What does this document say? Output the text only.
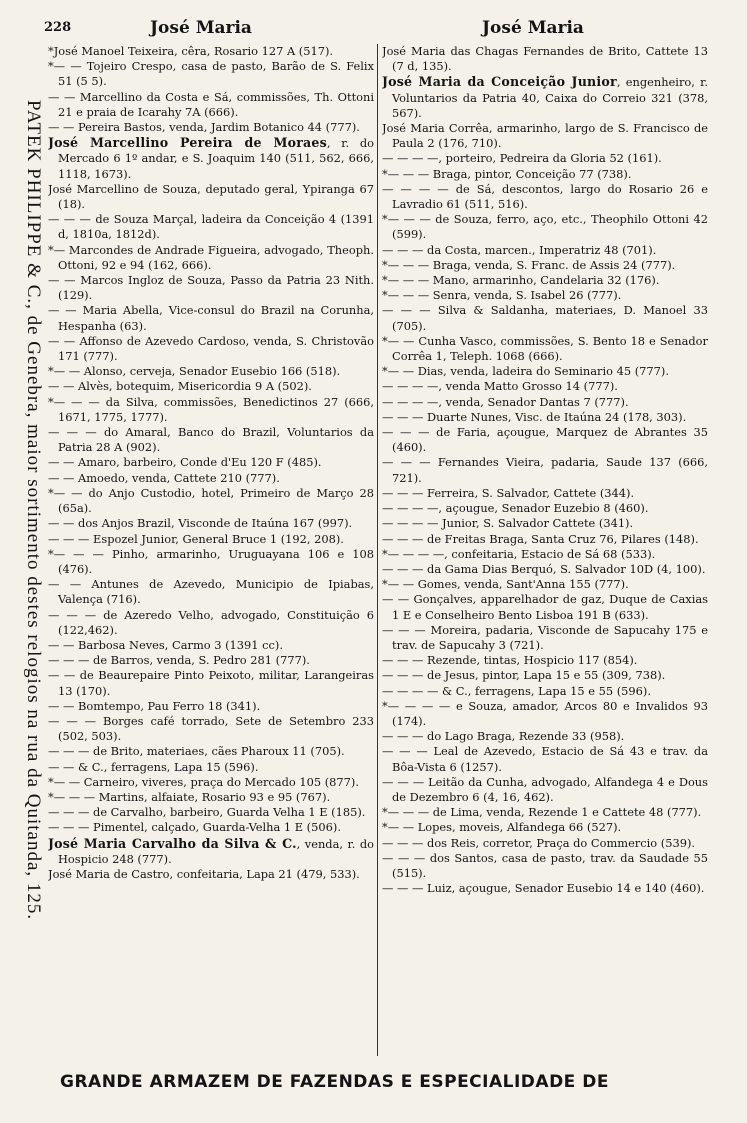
228	José Maria	José Maria
PATEK PHILIPPE & C., de Genebra, maior sortimento destes relogios na rua da Quitanda, 125.

*José Manoel Teixeira, cêra, Rosario 127 A (517).

*— — Tojeiro Crespo, casa de pasto, Barão de S. Felix 51 (5 5).

— — Marcellino da Costa e Sá, commissões, Th. Ottoni 21 e praia de Icarahy 7A (666).

— — Pereira Bastos, venda, Jardim Botanico 44 (777).

José Marcellino Pereira de Moraes, r. do Mercado 6 1º andar, e S. Joaquim 140 (511, 562, 666, 1118, 1673).

José Marcellino de Souza, deputado geral, Ypiranga 67 (18).

— — — de Souza Marçal, ladeira da Conceição 4 (1391 d, 1810a, 1812d).

*— Marcondes de Andrade Figueira, advogado, Theoph. Ottoni, 92 e 94 (162, 666).

— — Marcos Ingloz de Souza, Passo da Patria 23 Nith. (129).

— — Maria Abella, Vice-consul do Brazil na Corunha, Hespanha (63).

— — Affonso de Azevedo Cardoso, venda, S. Christovão 171 (777).

*— — Alonso, cerveja, Senador Eusebio 166 (518).

— — Alvès, botequim, Misericordia 9 A (502).

*— — — da Silva, commissões, Benedictinos 27 (666, 1671, 1775, 1777).

— — — do Amaral, Banco do Brazil, Voluntarios da Patria 28 A (902).

— — Amaro, barbeiro, Conde d'Eu 120 F (485).

— — Amoedo, venda, Cattete 210 (777).

*— — do Anjo Custodio, hotel, Primeiro de Março 28 (65a).

— — dos Anjos Brazil, Visconde de Itaúna 167 (997).

— — — Espozel Junior, General Bruce 1 (192, 208).

*— — — Pinho, armarinho, Uruguayana 106 e 108 (476).

— — Antunes de Azevedo, Municipio de Ipiabas, Valença (716).

— — — de Azeredo Velho, advogado, Constituição 6 (122,462).

— — Barbosa Neves, Carmo 3 (1391 cc).

— — — de Barros, venda, S. Pedro 281 (777).

— — de Beaurepaire Pinto Peixoto, militar, Larangeiras 13 (170).

— — Bomtempo, Pau Ferro 18 (341).

— — — Borges café torrado, Sete de Setembro 233 (502, 503).

— — — de Brito, materiaes, cães Pharoux 11 (705).

— — & C., ferragens, Lapa 15 (596).

*— — Carneiro, viveres, praça do Mercado 105 (877).

*— — — Martins, alfaiate, Rosario 93 e 95 (767).

— — — de Carvalho, barbeiro, Guarda Velha 1 E (185).

— — — Pimentel, calçado, Guarda-Velha 1 E (506).

José Maria Carvalho da Silva & C., venda, r. do Hospicio 248 (777).

José Maria de Castro, confeitaria, Lapa 21 (479, 533).

José Maria das Chagas Fernandes de Brito, Cattete 13 (7 d, 135).

José Maria da Conceição Junior, engenheiro, r. Voluntarios da Patria 40, Caixa do Correio 321 (378, 567).

José Maria Corrêa, armarinho, largo de S. Francisco de Paula 2 (176, 710).

— — — —, porteiro, Pedreira da Gloria 52 (161).

*— — — Braga, pintor, Conceição 77 (738).

— — — — de Sá, descontos, largo do Rosario 26 e Lavradio 61 (511, 516).

*— — — de Souza, ferro, aço, etc., Theophilo Ottoni 42 (599).

— — — da Costa, marcen., Imperatriz 48 (701).

*— — — Braga, venda, S. Franc. de Assis 24 (777).

*— — — Mano, armarinho, Candelaria 32 (176).

*— — — Senra, venda, S. Isabel 26 (777).

— — — Silva & Saldanha, materiaes, D. Manoel 33 (705).

*— — Cunha Vasco, commissões, S. Bento 18 e Senador Corrêa 1, Teleph. 1068 (666).

*— — Dias, venda, ladeira do Seminario 45 (777).

— — — —, venda Matto Grosso 14 (777).

— — — —, venda, Senador Dantas 7 (777).

— — — Duarte Nunes, Visc. de Itaúna 24 (178, 303).

— — — de Faria, açougue, Marquez de Abrantes 35 (460).

— — — Fernandes Vieira, padaria, Saude 137 (666, 721).

— — — Ferreira, S. Salvador, Cattete (344).

— — — —, açougue, Senador Euzebio 8 (460).

— — — — Junior, S. Salvador Cattete (341).

— — — de Freitas Braga, Santa Cruz 76, Pilares (148).

*— — — —, confeitaria, Estacio de Sá 68 (533).

— — — da Gama Dias Berquó, S. Salvador 10D (4, 100).

*— — Gomes, venda, Sant'Anna 155 (777).

— — Gonçalves, apparelhador de gaz, Duque de Caxias 1 E e Conselheiro Bento Lisboa 191 B (633).

— — — Moreira, padaria, Visconde de Sapucahy 175 e trav. de Sapucahy 3 (721).

— — — Rezende, tintas, Hospicio 117 (854).

— — — de Jesus, pintor, Lapa 15 e 55 (309, 738).

— — — — & C., ferragens, Lapa 15 e 55 (596).

*— — — — e Souza, amador, Arcos 80 e Invalidos 93 (174).

— — — do Lago Braga, Rezende 33 (958).

— — — Leal de Azevedo, Estacio de Sá 43 e trav. da Bôa-Vista 6 (1257).

— — — Leitão da Cunha, advogado, Alfandega 4 e Dous de Dezembro 6 (4, 16, 462).

*— — — de Lima, venda, Rezende 1 e Cattete 48 (777).

*— — Lopes, moveis, Alfandega 66 (527).

— — — dos Reis, corretor, Praça do Commercio (539).

— — — dos Santos, casa de pasto, trav. da Saudade 55 (515).

— — — Luiz, açougue, Senador Eusebio 14 e 140 (460).

GRANDE ARMAZEM DE FAZENDAS E ESPECIALIDADE DE
